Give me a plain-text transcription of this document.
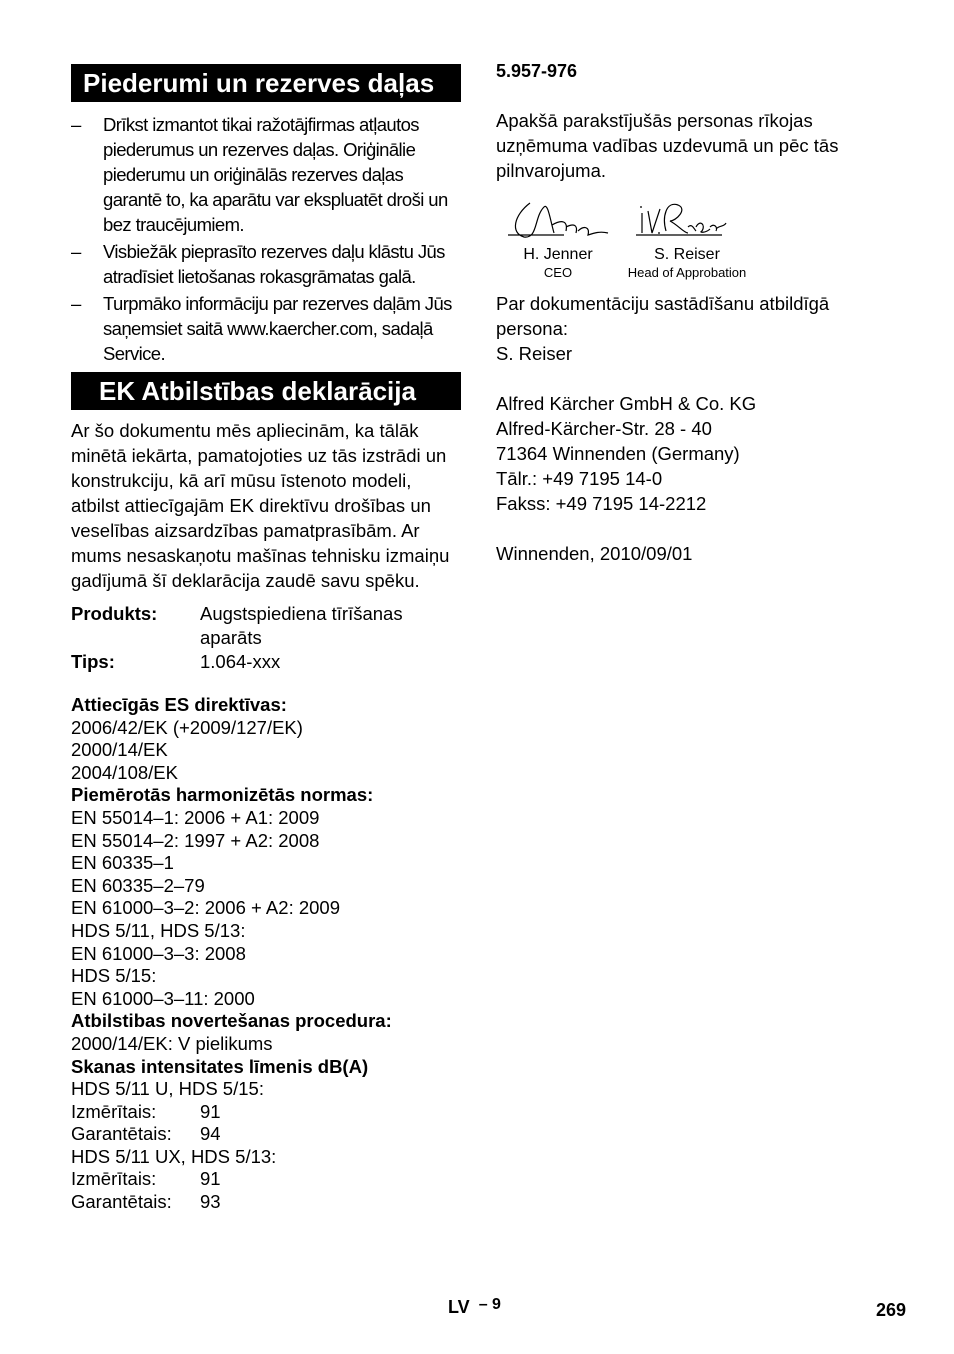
Piederumi un rezerves daļas
– Drīkst izmantot tikai ražotājfirmas atļautos piederumus un rezerves daļas. Oriģinālie piederumu un oriģinālās rezerves daļas garantē to, ka aparātu var ekspluatēt droši un bez traucējumiem.
– Visbiežāk pieprasīto rezerves daļu klāstu Jūs atradīsiet lietošanas rokasgrāmatas galā.
– Turpmāko informāciju par rezerves daļām Jūs saņemsiet saitā www.kaercher.com, sadaļā Service.
EK Atbilstības deklarācija

Ar šo dokumentu mēs apliecinām, ka tālāk minētā iekārta, pamatojoties uz tās izstrādi un konstrukciju, kā arī mūsu īstenoto modeli, atbilst attiecīgajām EK direktīvu drošības un veselības aizsardzības pamatprasībām. Ar mums nesaskaņotu mašīnas tehnisku izmaiņu gadījumā šī deklarācija zaudē savu spēku.

Produkts:	Augstspiediena tīrīšanas aparāts
Tips:	1.064-xxx
Attiecīgās ES direktīvas:
2006/42/EK (+2009/127/EK)
2000/14/EK
2004/108/EK
Piemērotās harmonizētās normas:
EN 55014–1: 2006 + A1: 2009
EN 55014–2: 1997 + A2: 2008
EN 60335–1
EN 60335–2–79
EN 61000–3–2: 2006 + A2: 2009
HDS 5/11, HDS 5/13:
EN 61000–3–3: 2008
HDS 5/15:
EN 61000–3–11: 2000
Atbilstibas novertešanas procedura:
2000/14/EK: V pielikums
Skanas intensitates līmenis dB(A)
HDS 5/11 U, HDS 5/15:
Izmērītais:	91
Garantētais:	94
HDS 5/11 UX, HDS 5/13:
Izmērītais:	91
Garantētais:	93
5.957-976

Apakšā parakstījušās personas rīkojas uzņēmuma vadības uzdevumā un pēc tās pilnvarojuma.

H. Jenner
CEO
S. Reiser
Head of Approbation

Par dokumentāciju sastādīšanu atbildīgā persona:

S. Reiser

Alfred Kärcher GmbH & Co. KG

Alfred-Kärcher-Str. 28 - 40

71364 Winnenden (Germany)

Tālr.: +49 7195 14-0

Fakss: +49 7195 14-2212

Winnenden, 2010/09/01

LV – 9	269
